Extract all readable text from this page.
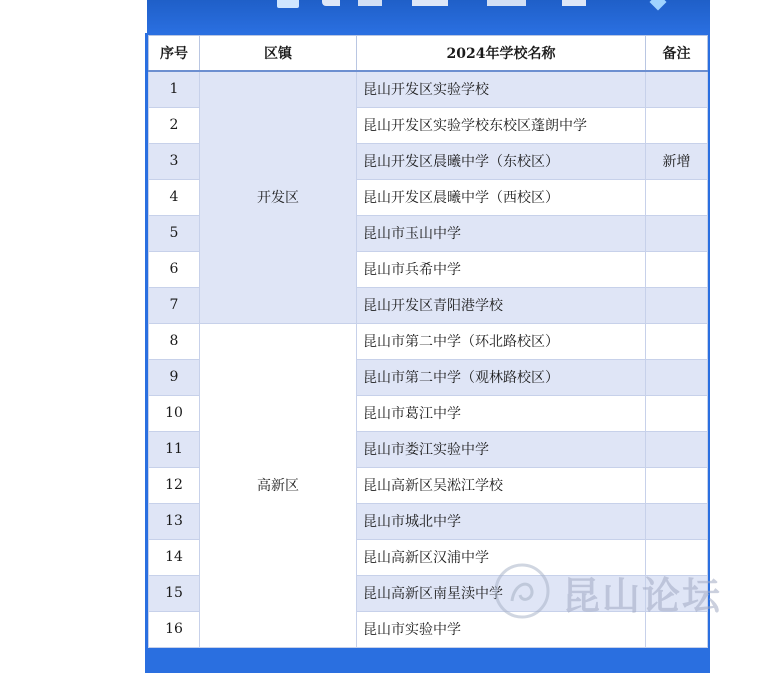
序号	区镇	2024年学校名称	备注
1	开发区	昆山开发区实验学校	
2		昆山开发区实验学校东校区蓬朗中学	
3		昆山开发区晨曦中学（东校区）	新增
4		昆山开发区晨曦中学（西校区）	
5		昆山市玉山中学	
6		昆山市兵希中学	
7		昆山开发区青阳港学校	
8	高新区	昆山市第二中学（环北路校区）	
9		昆山市第二中学（观林路校区）	
10		昆山市葛江中学	
11		昆山市娄江实验中学	
12		昆山高新区吴淞江学校	
13		昆山市城北中学	
14		昆山高新区汉浦中学	
15		昆山高新区南星渎中学	
16		昆山市实验中学	
昆山论坛
